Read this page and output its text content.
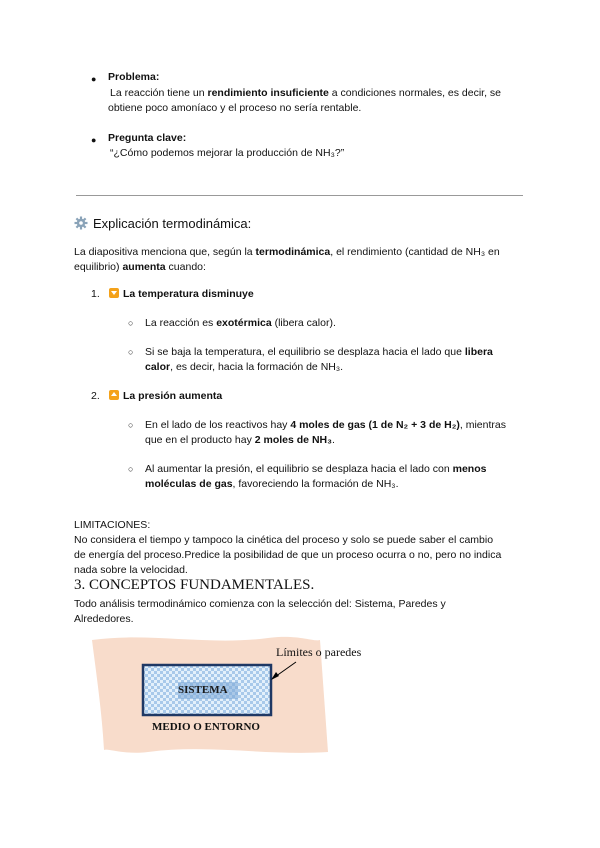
● Problema:
La reacción tiene un rendimiento insuficiente a condiciones normales, es decir, se
obtiene poco amoníaco y el proceso no sería rentable.
● Pregunta clave:
“¿Cómo podemos mejorar la producción de NH₃?”
Explicación termodinámica:
La diapositiva menciona que, según la termodinámica, el rendimiento (cantidad de NH₃ en
equilibrio) aumenta cuando:
1.	La temperatura disminuye
○ La reacción es exotérmica (libera calor).
○ Si se baja la temperatura, el equilibrio se desplaza hacia el lado que libera
calor, es decir, hacia la formación de NH₃.
2.	La presión aumenta
○ En el lado de los reactivos hay 4 moles de gas (1 de N₂ + 3 de H₂), mientras
que en el producto hay 2 moles de NH₃.
○ Al aumentar la presión, el equilibrio se desplaza hacia el lado con menos
moléculas de gas, favoreciendo la formación de NH₃.
LIMITACIONES:
No considera el tiempo y tampoco la cinética del proceso y solo se puede saber el cambio
de energía del proceso.Predice la posibilidad de que un proceso ocurra o no, pero no indica
nada sobre la velocidad.
3. CONCEPTOS FUNDAMENTALES.
Todo análisis termodinámico comienza con la selección del: Sistema, Paredes y
Alrededores.
Límites o paredes
SISTEMA
MEDIO O ENTORNO
